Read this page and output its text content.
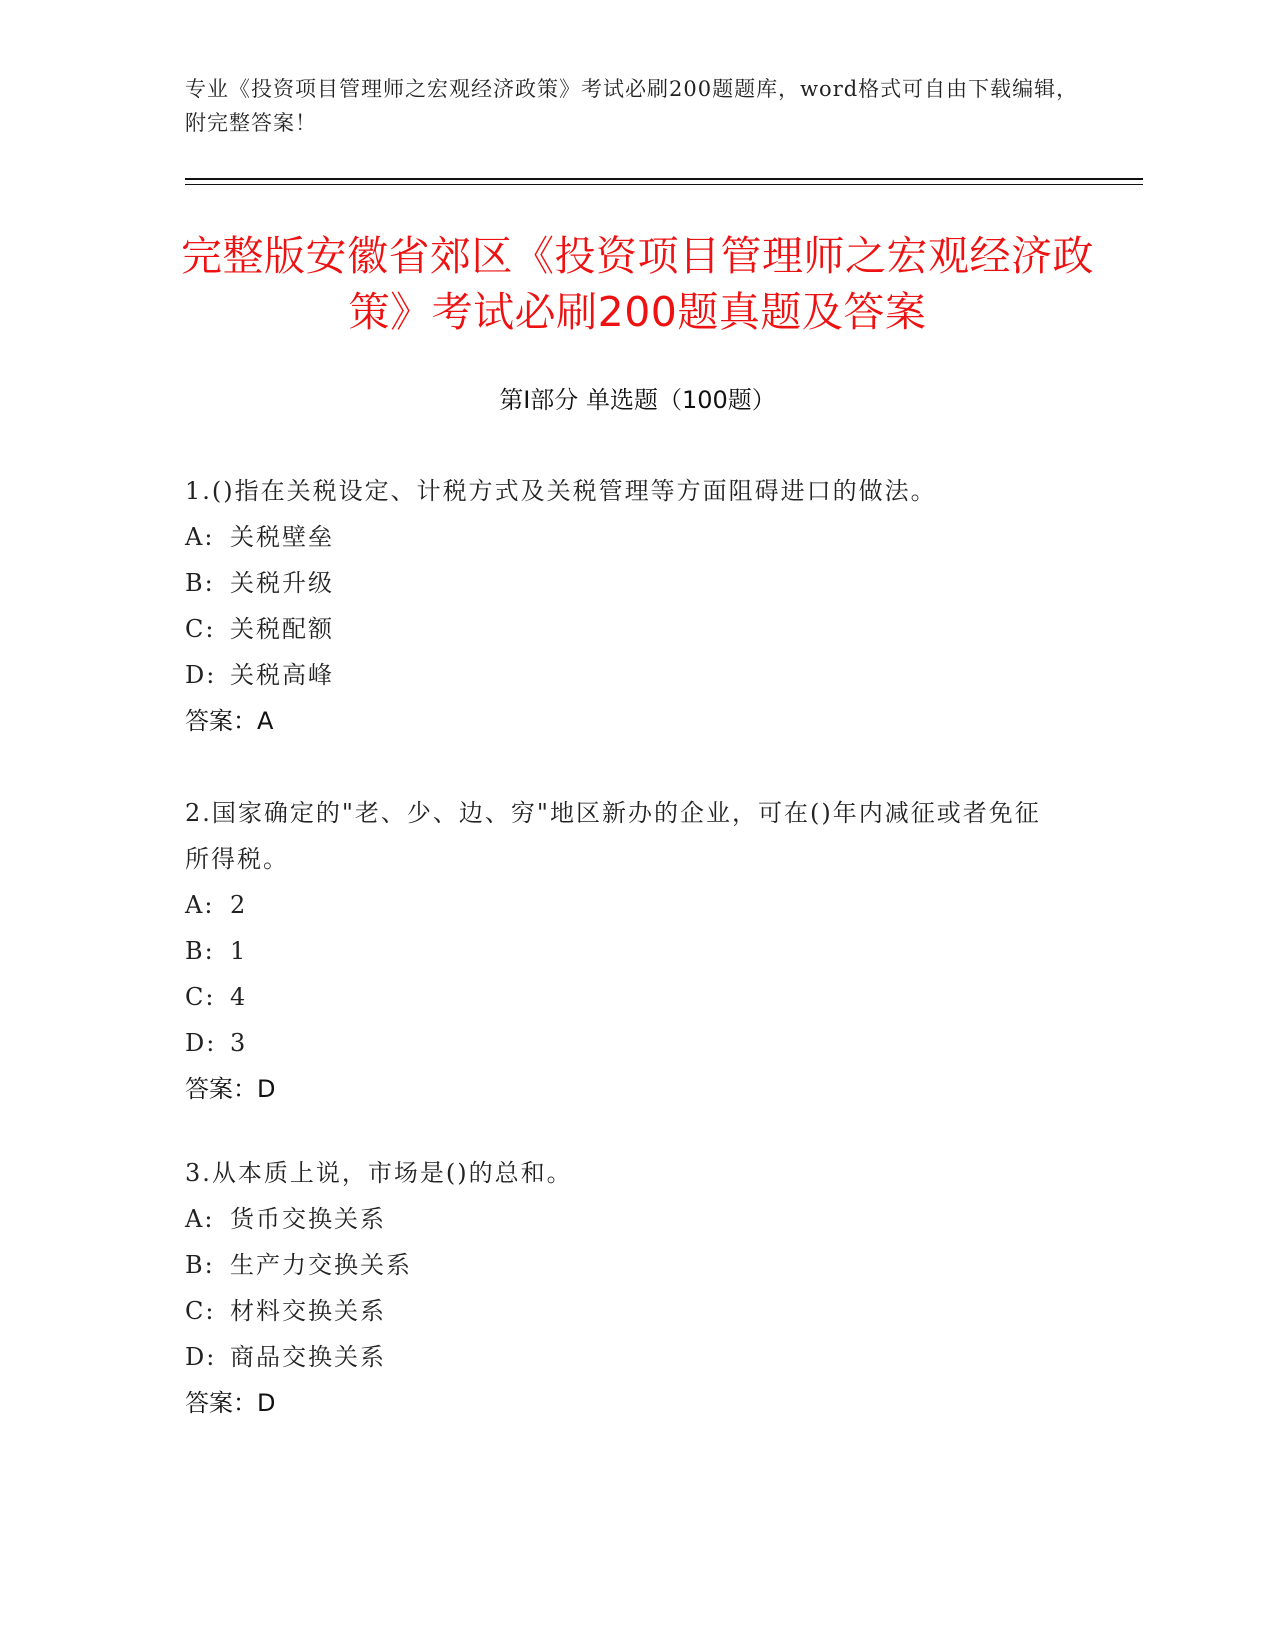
专业《投资项目管理师之宏观经济政策》考试必刷200题题库，word格式可自由下载编辑，附完整答案！
完整版安徽省郊区《投资项目管理师之宏观经济政策》考试必刷200题真题及答案
第I部分 单选题（100题）
1.()指在关税设定、计税方式及关税管理等方面阻碍进口的做法。
A: 关税壁垒
B: 关税升级
C: 关税配额
D: 关税高峰
答案：A
2.国家确定的"老、少、边、穷"地区新办的企业，可在()年内减征或者免征所得税。
A: 2
B: 1
C: 4
D: 3
答案：D
3.从本质上说，市场是()的总和。
A: 货币交换关系
B: 生产力交换关系
C: 材料交换关系
D: 商品交换关系
答案：D
